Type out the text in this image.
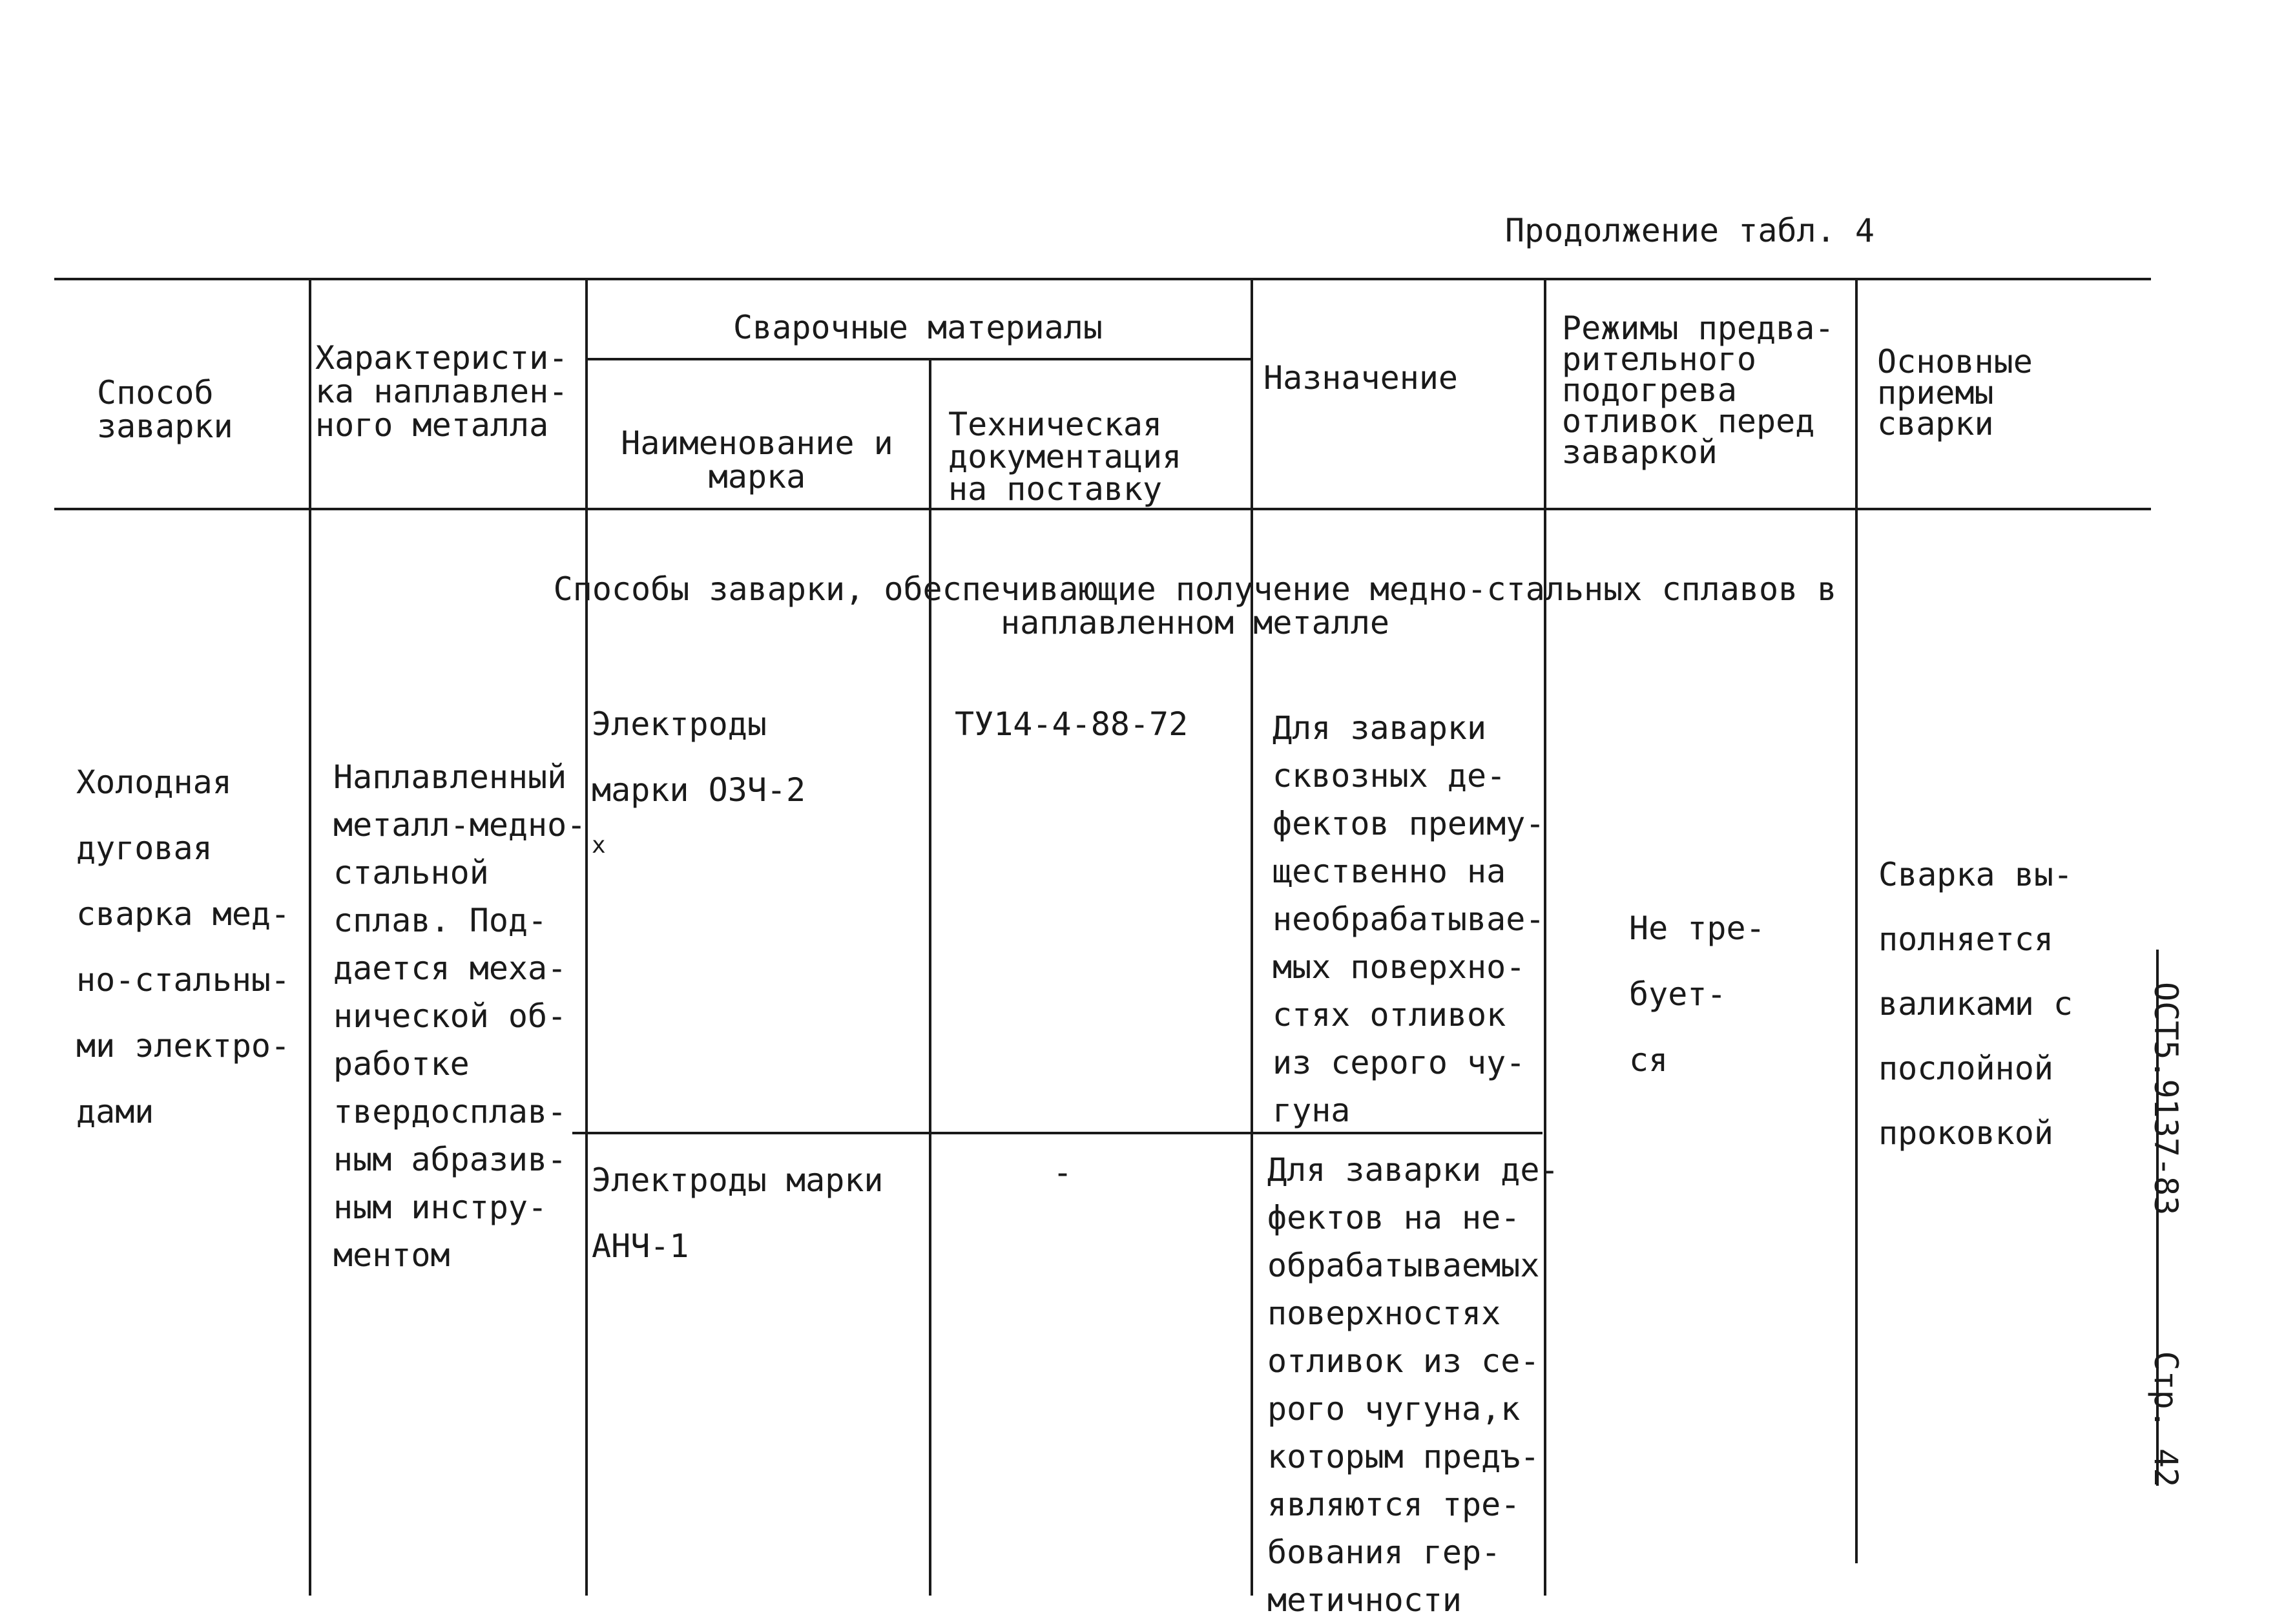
Продолжение табл. 4
Способ
заварки
Характеристи-
ка наплавлен-
ного металла
Сварочные материалы
Наименование и
марка
Техническая
документация
на поставку
Назначение
Режимы предва-
рительного
подогрева
отливок перед
заваркой
Основные
приемы
сварки
Способы заварки, обеспечивающие получение медно-стальных сплавов в
наплавленном металле
Холодная
дуговая
сварка мед-
но-стальны-
ми электро-
дами
Наплавленный
металл-медно-
стальной
сплав. Под-
дается меха-
нической об-
работке
твердосплав-
ным абразив-
ным инстру-
ментом
Электроды
марки ОЗЧ-2
$^x$
ТУ14-4-88-72	Для заварки
сквозных де-
фектов преиму-
щественно на
необрабатывае-
мых поверхно-
стях отливок
из серого чу-
гуна
Не тре-
бует-
ся
Сварка вы-
полняется
валиками с
послойной
проковкой
Электроды марки
АНЧ-1
-	Для заварки де-
фектов на не-
обрабатываемых
поверхностях
отливок из се-
рого чугуна,к
которым предъ-
являются тре-
бования гер-
метичности
ОСТ5.9137-83  Стр. 42
